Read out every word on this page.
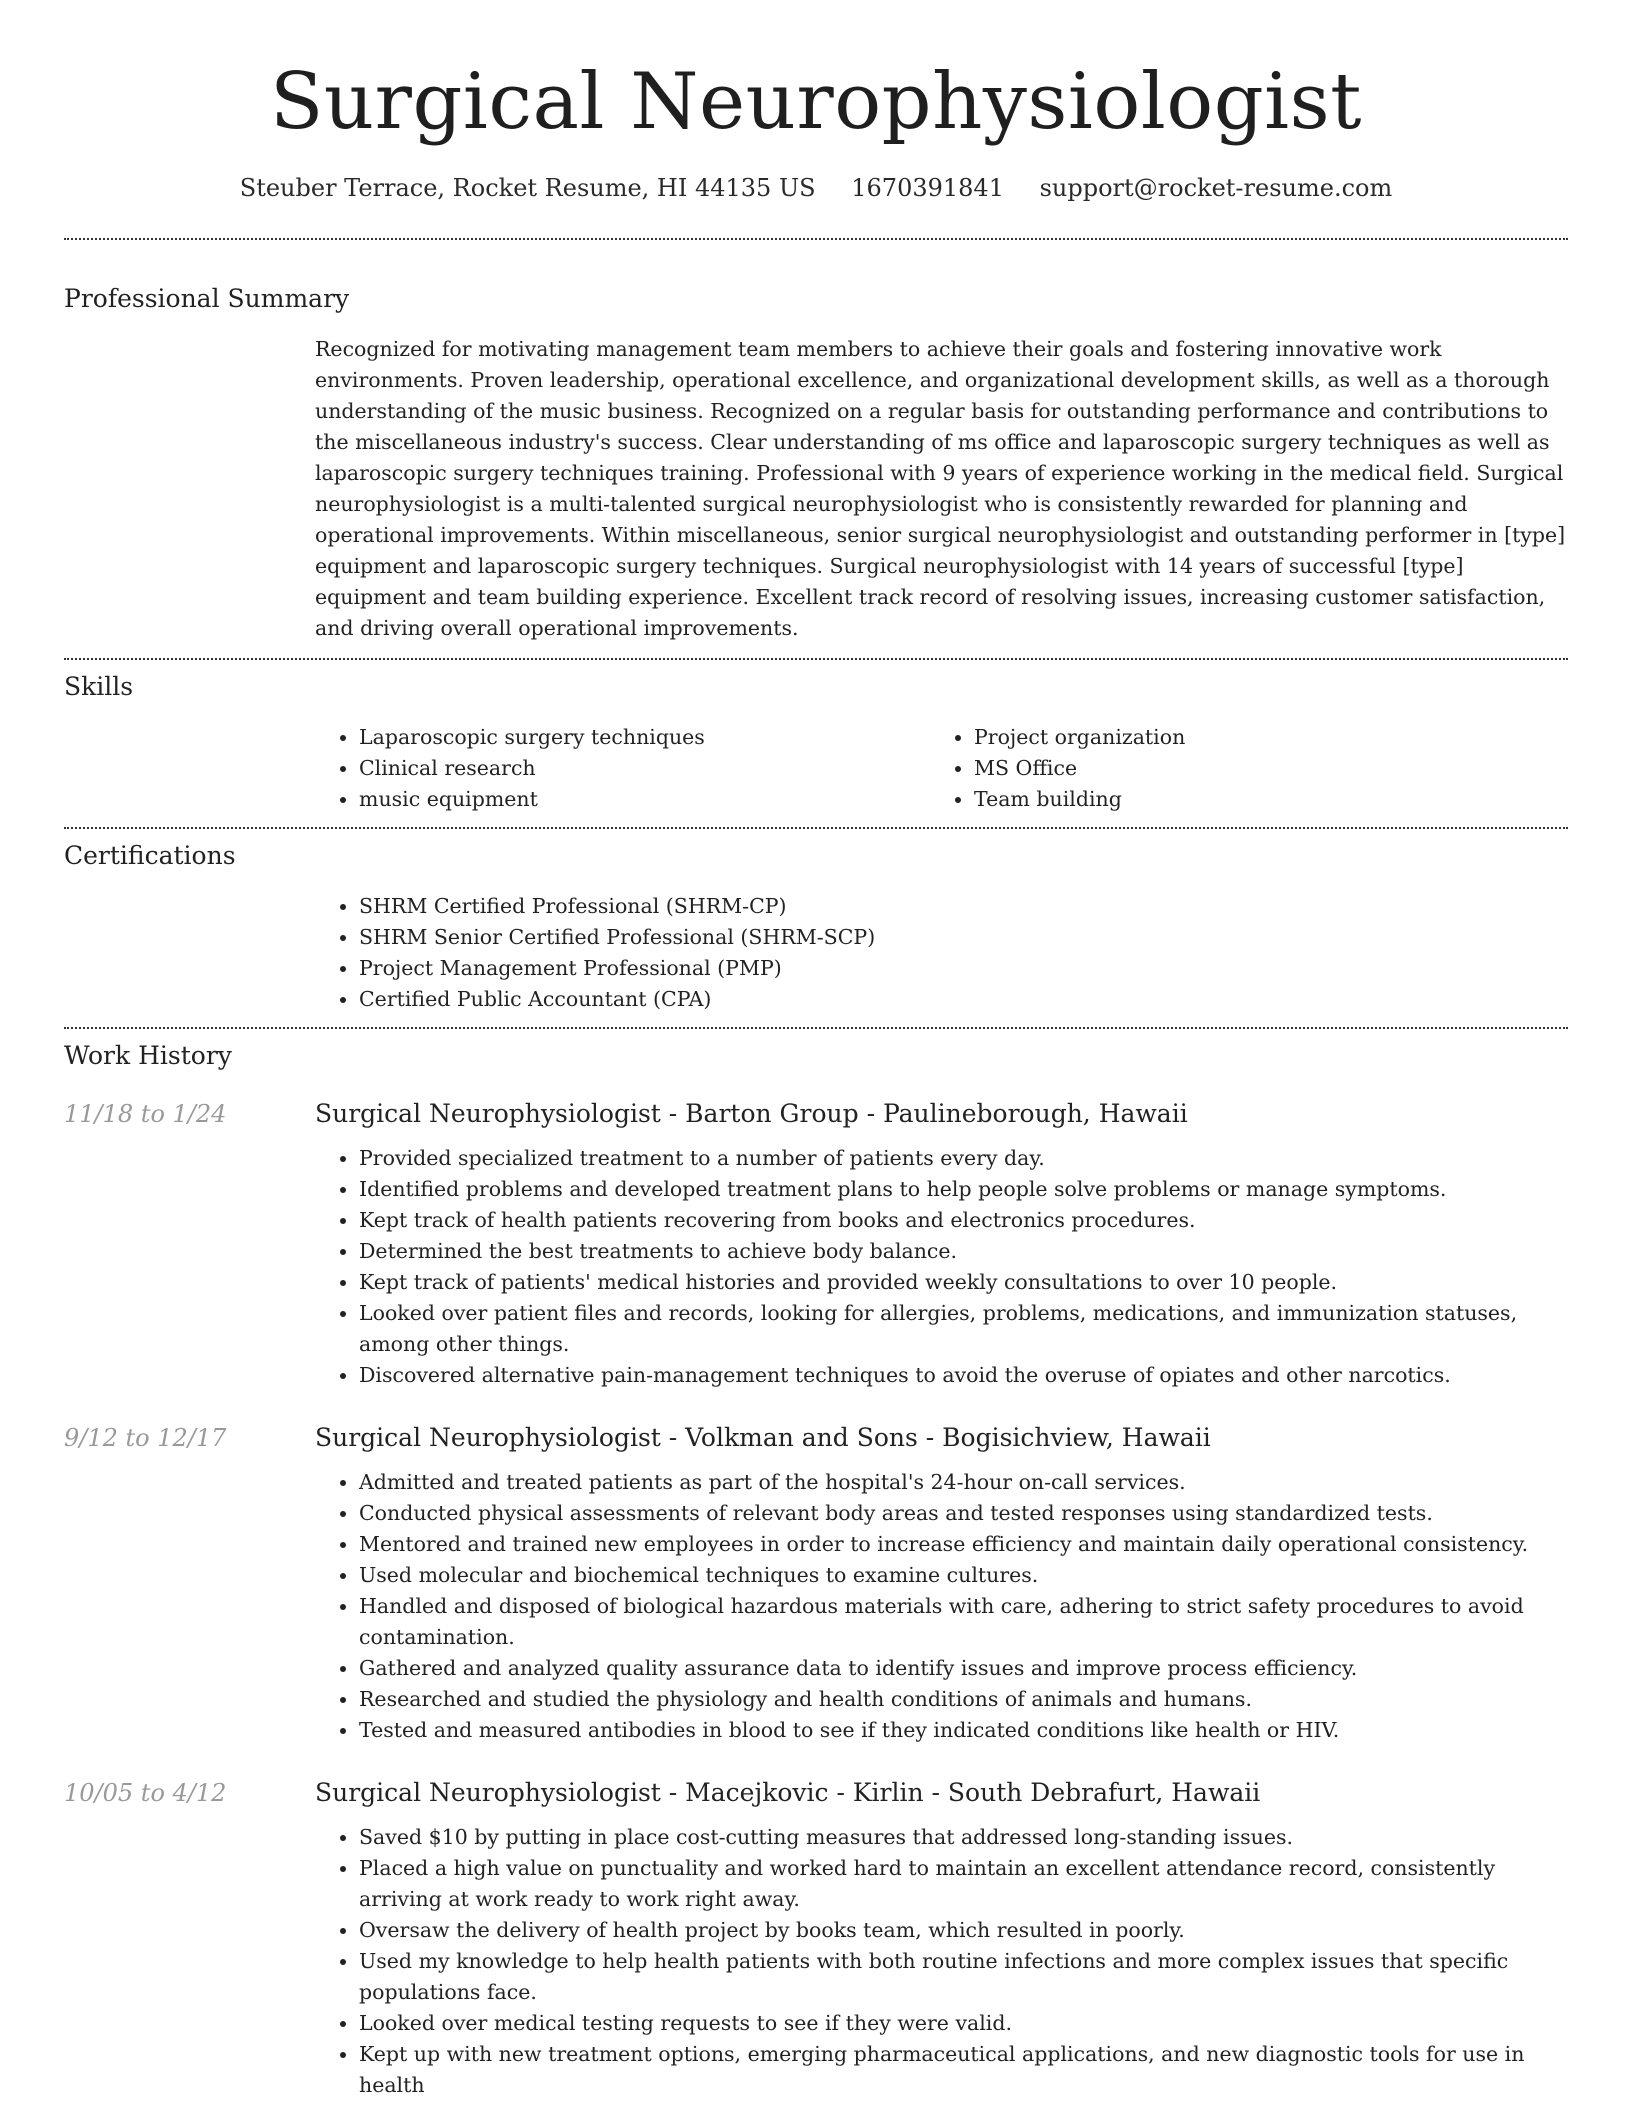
Surgical Neurophysiologist
Steuber Terrace, Rocket Resume, HI 44135 US 1670391841 support@rocket-resume.com
Professional Summary
Recognized for motivating management team members to achieve their goals and fostering innovative work environments. Proven leadership, operational excellence, and organizational development skills, as well as a thorough understanding of the music business. Recognized on a regular basis for outstanding performance and contributions to the miscellaneous industry's success. Clear understanding of ms office and laparoscopic surgery techniques as well as laparoscopic surgery techniques training. Professional with 9 years of experience working in the medical field. Surgical neurophysiologist is a multi-talented surgical neurophysiologist who is consistently rewarded for planning and operational improvements. Within miscellaneous, senior surgical neurophysiologist and outstanding performer in [type] equipment and laparoscopic surgery techniques. Surgical neurophysiologist with 14 years of successful [type] equipment and team building experience. Excellent track record of resolving issues, increasing customer satisfaction, and driving overall operational improvements.
Skills
• Laparoscopic surgery techniques
• Clinical research
• music equipment
• Project organization
• MS Office
• Team building
Certifications
• SHRM Certified Professional (SHRM-CP)
• SHRM Senior Certified Professional (SHRM-SCP)
• Project Management Professional (PMP)
• Certified Public Accountant (CPA)
Work History
11/18 to 1/24	Surgical Neurophysiologist - Barton Group - Paulineborough, Hawaii
• Provided specialized treatment to a number of patients every day.
• Identified problems and developed treatment plans to help people solve problems or manage symptoms.
• Kept track of health patients recovering from books and electronics procedures.
• Determined the best treatments to achieve body balance.
• Kept track of patients' medical histories and provided weekly consultations to over 10 people.
• Looked over patient files and records, looking for allergies, problems, medications, and immunization statuses, among other things.
• Discovered alternative pain-management techniques to avoid the overuse of opiates and other narcotics.
9/12 to 12/17	Surgical Neurophysiologist - Volkman and Sons - Bogisichview, Hawaii
• Admitted and treated patients as part of the hospital's 24-hour on-call services.
• Conducted physical assessments of relevant body areas and tested responses using standardized tests.
• Mentored and trained new employees in order to increase efficiency and maintain daily operational consistency.
• Used molecular and biochemical techniques to examine cultures.
• Handled and disposed of biological hazardous materials with care, adhering to strict safety procedures to avoid contamination.
• Gathered and analyzed quality assurance data to identify issues and improve process efficiency.
• Researched and studied the physiology and health conditions of animals and humans.
• Tested and measured antibodies in blood to see if they indicated conditions like health or HIV.
10/05 to 4/12	Surgical Neurophysiologist - Macejkovic - Kirlin - South Debrafurt, Hawaii
• Saved $10 by putting in place cost-cutting measures that addressed long-standing issues.
• Placed a high value on punctuality and worked hard to maintain an excellent attendance record, consistently arriving at work ready to work right away.
• Oversaw the delivery of health project by books team, which resulted in poorly.
• Used my knowledge to help health patients with both routine infections and more complex issues that specific populations face.
• Looked over medical testing requests to see if they were valid.
• Kept up with new treatment options, emerging pharmaceutical applications, and new diagnostic tools for use in health
